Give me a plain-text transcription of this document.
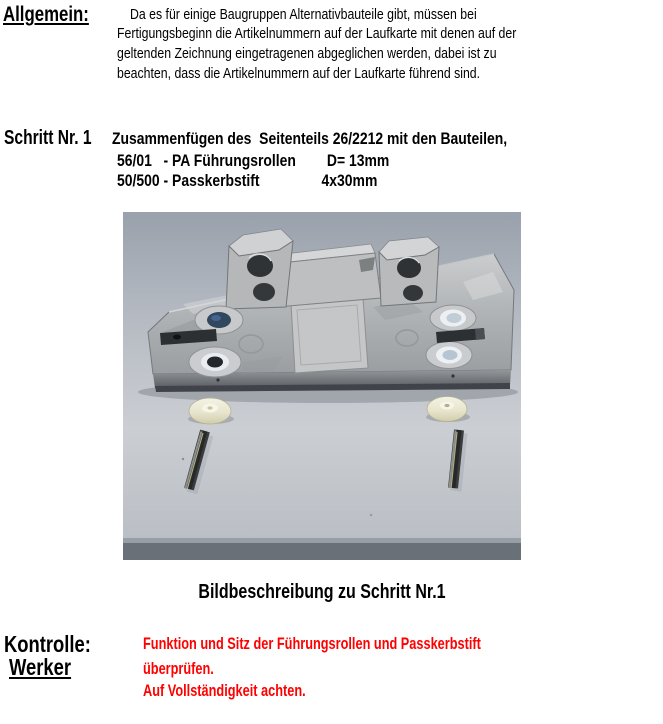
Allgemein:	Da es für einige Baugruppen Alternativbauteile gibt, müssen bei
Fertigungsbeginn die Artikelnummern auf der Laufkarte mit denen auf der
geltenden Zeichnung eingetragenen abgeglichen werden, dabei ist zu
beachten, dass die Artikelnummern auf der Laufkarte führend sind.
Schritt Nr. 1 Zusammenfügen des  Seitenteils 26/2212 mit den Bauteilen,
56/01   - PA Führungsrollen        D= 13mm
50/500 - Passkerbstift                4x30mm
Bildbeschreibung zu Schritt Nr.1
Kontrolle:
Werker
Funktion und Sitz der Führungsrollen und Passkerbstift
überprüfen.
Auf Vollständigkeit achten.
